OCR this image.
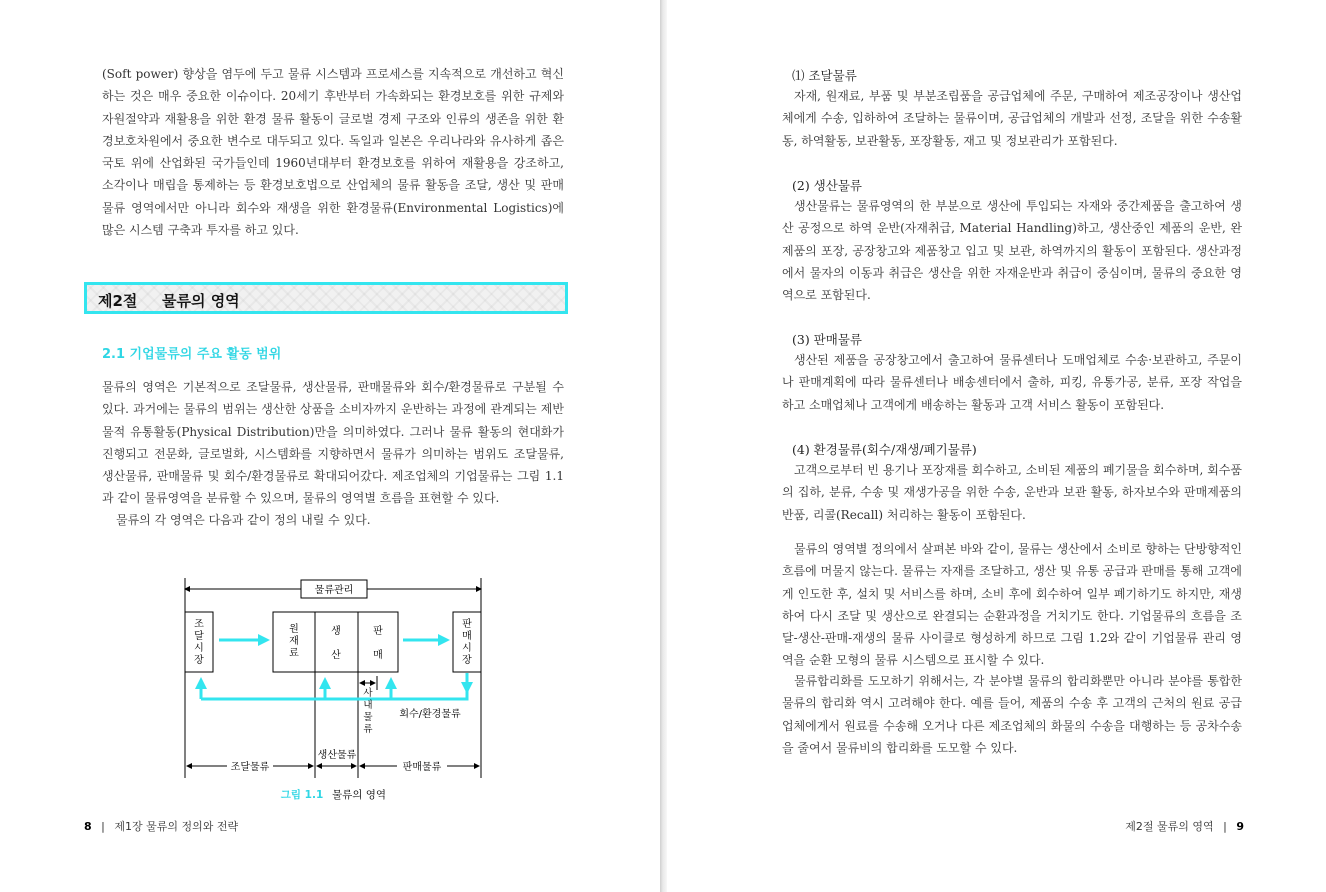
(Soft power) 향상을 염두에 두고 물류 시스템과 프로세스를 지속적으로 개선하고 혁신하는 것은 매우 중요한 이슈이다. 20세기 후반부터 가속화되는 환경보호를 위한 규제와 자원절약과 재활용을 위한 환경 물류 활동이 글로벌 경제 구조와 인류의 생존을 위한 환경보호차원에서 중요한 변수로 대두되고 있다. 독일과 일본은 우리나라와 유사하게 좁은 국토 위에 산업화된 국가들인데 1960년대부터 환경보호를 위하여 재활용을 강조하고, 소각이나 매립을 통제하는 등 환경보호법으로 산업체의 물류 활동을 조달, 생산 및 판매물류 영역에서만 아니라 회수와 재생을 위한 환경물류(Environmental Logistics)에 많은 시스템 구축과 투자를 하고 있다.

제2절 물류의 영역
2.1 기업물류의 주요 활동 범위

물류의 영역은 기본적으로 조달물류, 생산물류, 판매물류와 회수/환경물류로 구분될 수 있다. 과거에는 물류의 범위는 생산한 상품을 소비자까지 운반하는 과정에 관계되는 제반 물적 유통활동(Physical Distribution)만을 의미하였다. 그러나 물류 활동의 현대화가 진행되고 전문화, 글로벌화, 시스템화를 지향하면서 물류가 의미하는 범위도 조달물류, 생산물류, 판매물류 및 회수/환경물류로 확대되어갔다. 제조업체의 기업물류는 그림 1.1과 같이 물류영역을 분류할 수 있으며, 물류의 영역별 흐름을 표현할 수 있다.

물류의 각 영역은 다음과 같이 정의 내릴 수 있다.

물류관리
조 달 시 장
원 재 료
생 산
판 매
판 매 시 장
사 내 물 류
회수/환경물류
조달물류
생산물류
판매물류
그림 1.1 물류의 영역
8 | 제1장 물류의 정의와 전략
⑴ 조달물류

자재, 원재료, 부품 및 부분조립품을 공급업체에 주문, 구매하여 제조공장이나 생산업체에게 수송, 입하하여 조달하는 물류이며, 공급업체의 개발과 선정, 조달을 위한 수송활동, 하역활동, 보관활동, 포장활동, 재고 및 정보관리가 포함된다.

(2) 생산물류

생산물류는 물류영역의 한 부분으로 생산에 투입되는 자재와 중간제품을 출고하여 생산 공정으로 하역 운반(자재취급, Material Handling)하고, 생산중인 제품의 운반, 완제품의 포장, 공장창고와 제품창고 입고 및 보관, 하역까지의 활동이 포함된다. 생산과정에서 물자의 이동과 취급은 생산을 위한 자재운반과 취급이 중심이며, 물류의 중요한 영역으로 포함된다.

(3) 판매물류

생산된 제품을 공장창고에서 출고하여 물류센터나 도매업체로 수송·보관하고, 주문이나 판매계획에 따라 물류센터나 배송센터에서 출하, 피킹, 유통가공, 분류, 포장 작업을 하고 소매업체나 고객에게 배송하는 활동과 고객 서비스 활동이 포함된다.

(4) 환경물류(회수/재생/폐기물류)

고객으로부터 빈 용기나 포장재를 회수하고, 소비된 제품의 폐기물을 회수하며, 회수품의 집하, 분류, 수송 및 재생가공을 위한 수송, 운반과 보관 활동, 하자보수와 판매제품의 반품, 리콜(Recall) 처리하는 활동이 포함된다.

물류의 영역별 정의에서 살펴본 바와 같이, 물류는 생산에서 소비로 향하는 단방향적인 흐름에 머물지 않는다. 물류는 자재를 조달하고, 생산 및 유통 공급과 판매를 통해 고객에게 인도한 후, 설치 및 서비스를 하며, 소비 후에 회수하여 일부 폐기하기도 하지만, 재생하여 다시 조달 및 생산으로 완결되는 순환과정을 거치기도 한다. 기업물류의 흐름을 조달-생산-판매-재생의 물류 사이클로 형성하게 하므로 그림 1.2와 같이 기업물류 관리 영역을 순환 모형의 물류 시스템으로 표시할 수 있다.

물류합리화를 도모하기 위해서는, 각 분야별 물류의 합리화뿐만 아니라 분야를 통합한 물류의 합리화 역시 고려해야 한다. 예를 들어, 제품의 수송 후 고객의 근처의 원료 공급업체에게서 원료를 수송해 오거나 다른 제조업체의 화물의 수송을 대행하는 등 공차수송을 줄여서 물류비의 합리화를 도모할 수 있다.

제2절 물류의 영역 | 9
